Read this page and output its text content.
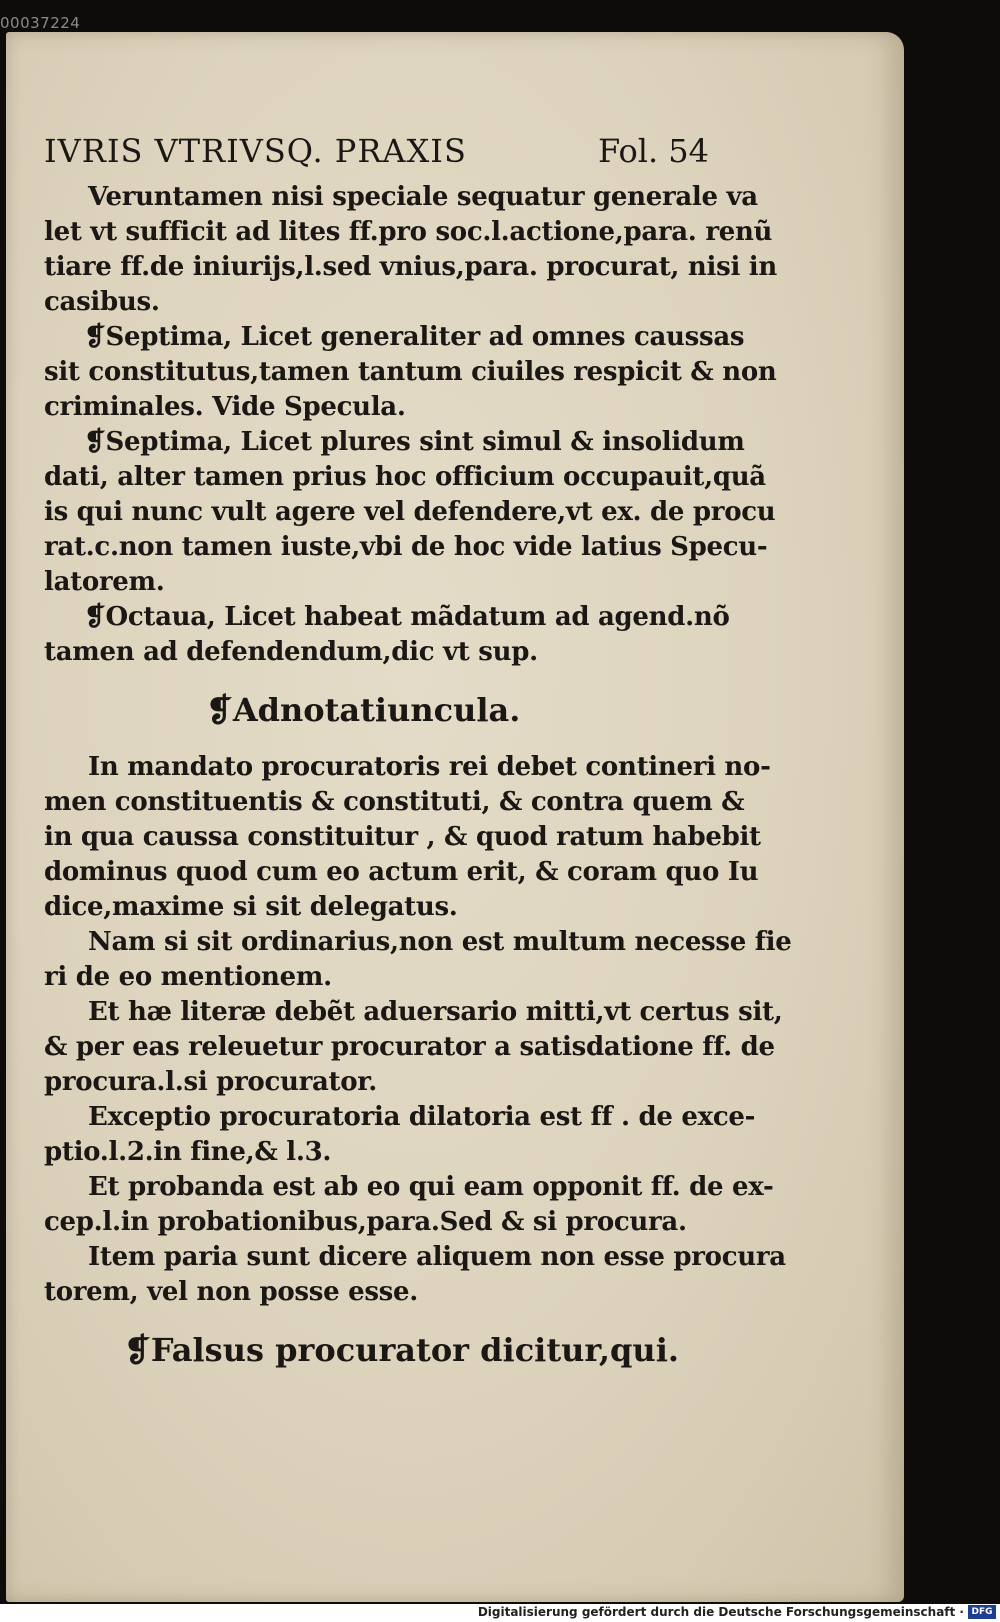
00037224
IVRIS VTRIVSQ. PRAXIS	Fol. 54
Veruntamen nisi speciale sequatur generale va
let vt sufficit ad lites ff.pro soc.l.actione,para. renũ
tiare ff.de iniurijs,l.sed vnius,para. procurat, nisi in
casibus.
❡Septima, Licet generaliter ad omnes caussas
sit constitutus,tamen tantum ciuiles respicit & non
criminales. Vide Specula.
❡Septima, Licet plures sint simul & insolidum
dati, alter tamen prius hoc officium occupauit,quã
is qui nunc vult agere vel defendere,vt ex. de procu
rat.c.non tamen iuste,vbi de hoc vide latius Specu-
latorem.
❡Octaua, Licet habeat mãdatum ad agend.nõ
tamen ad defendendum,dic vt sup.
❡Adnotatiuncula.
In mandato procuratoris rei debet contineri no-
men constituentis & constituti, & contra quem &
in qua caussa constituitur , & quod ratum habebit
dominus quod cum eo actum erit, & coram quo Iu
dice,maxime si sit delegatus.
Nam si sit ordinarius,non est multum necesse fie
ri de eo mentionem.
Et hæ literæ debẽt aduersario mitti,vt certus sit,
& per eas releuetur procurator a satisdatione ff. de
procura.l.si procurator.
Exceptio procuratoria dilatoria est ff . de exce-
ptio.l.2.in fine,& l.3.
Et probanda est ab eo qui eam opponit ff. de ex-
cep.l.in probationibus,para.Sed & si procura.
Item paria sunt dicere aliquem non esse procura
torem, vel non posse esse.
❡Falsus procurator dicitur,qui.
Digitalisierung gefördert durch die Deutsche Forschungsgemeinschaft · DFG
